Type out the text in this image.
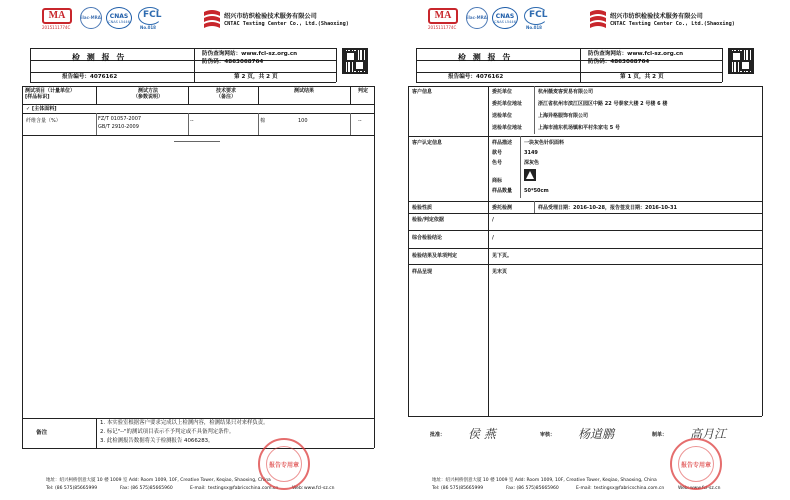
MA
2015111774C
ilac-MRA	CNAS
CNAS L5446
FCL
No.018
绍兴市纺织检验技术服务有限公司
CNTAC Testing Center Co., Ltd.(Shaoxing)
检 测 报 告	防伪查询网站：www.fcl-sz.org.cn
防伪码：4863068764
报告编号：4076162	第 2 页，共 2 页
测试项目（计量单位）
[样品标识]
测试方法
（参数说明）
技术要求
（备注）
测试结果	判定
✓ [主体面料]
纤维含量（%）	FZ/T 01057-2007
GB/T 2910-2009
--	棉	100	--
备注
1. 本实验室根据客户要求完成以上检测内容，检测结果只对来样负责。
2. 标记"--"的测试项目表示不予判定或不具备判定条件。
3. 此检测报告数据将关于检测报告 4066283。
地址：绍兴柯桥创意大厦 10 楼 1009 室 Add: Room 1009, 10F, Creative Tower, Keqiao, Shaoxing, China
Tel: (86 575)85665999	Fax: (86 575)85665960	E-mail: testingsx@fabricschina.com.cn	Web: www.fcl-sz.cn
报告专用章
MA
2015111774C
ilac-MRA	CNAS
CNAS L5446
FCL
No.018
绍兴市纺织检验技术服务有限公司
CNTAC Testing Center Co., Ltd.(Shaoxing)
检 测 报 告	防伪查询网站：www.fcl-sz.org.cn
防伪码：4863068764
报告编号：4076162	第 1 页，共 2 页
客户信息	委托单位	杭州薇麦客贸易有限公司
委托单位地址	浙江省杭州市滨江区园区中路 22 号泰家大楼 2 号楼 6 楼
送检单位	上海异格服饰有限公司
送检单位地址	上海市浦东机场镇和平村朱家屯 5 号
客户认定信息	样品描述 一块灰色针织面料
款号	3149
色号	深灰色
商标
样品数量 50*50cm
检验性质	委托检测	样品受理日期：2016-10-28，报告签发日期：2016-10-31
检验/判定依据	/
综合检验结论	/
检验结果及单项判定	见下页。
样品呈现	见末页
批准： 侯 燕	审核： 杨道鹏	制单： 高月江
地址：绍兴柯桥创意大厦 10 楼 1009 室 Add: Room 1009, 10F, Creative Tower, Keqiao, Shaoxing, China
Tel: (86 575)85665999	Fax: (86 575)85665960	E-mail: testingsx@fabricschina.com.cn	Web: www.fcl-sz.cn
报告专用章
